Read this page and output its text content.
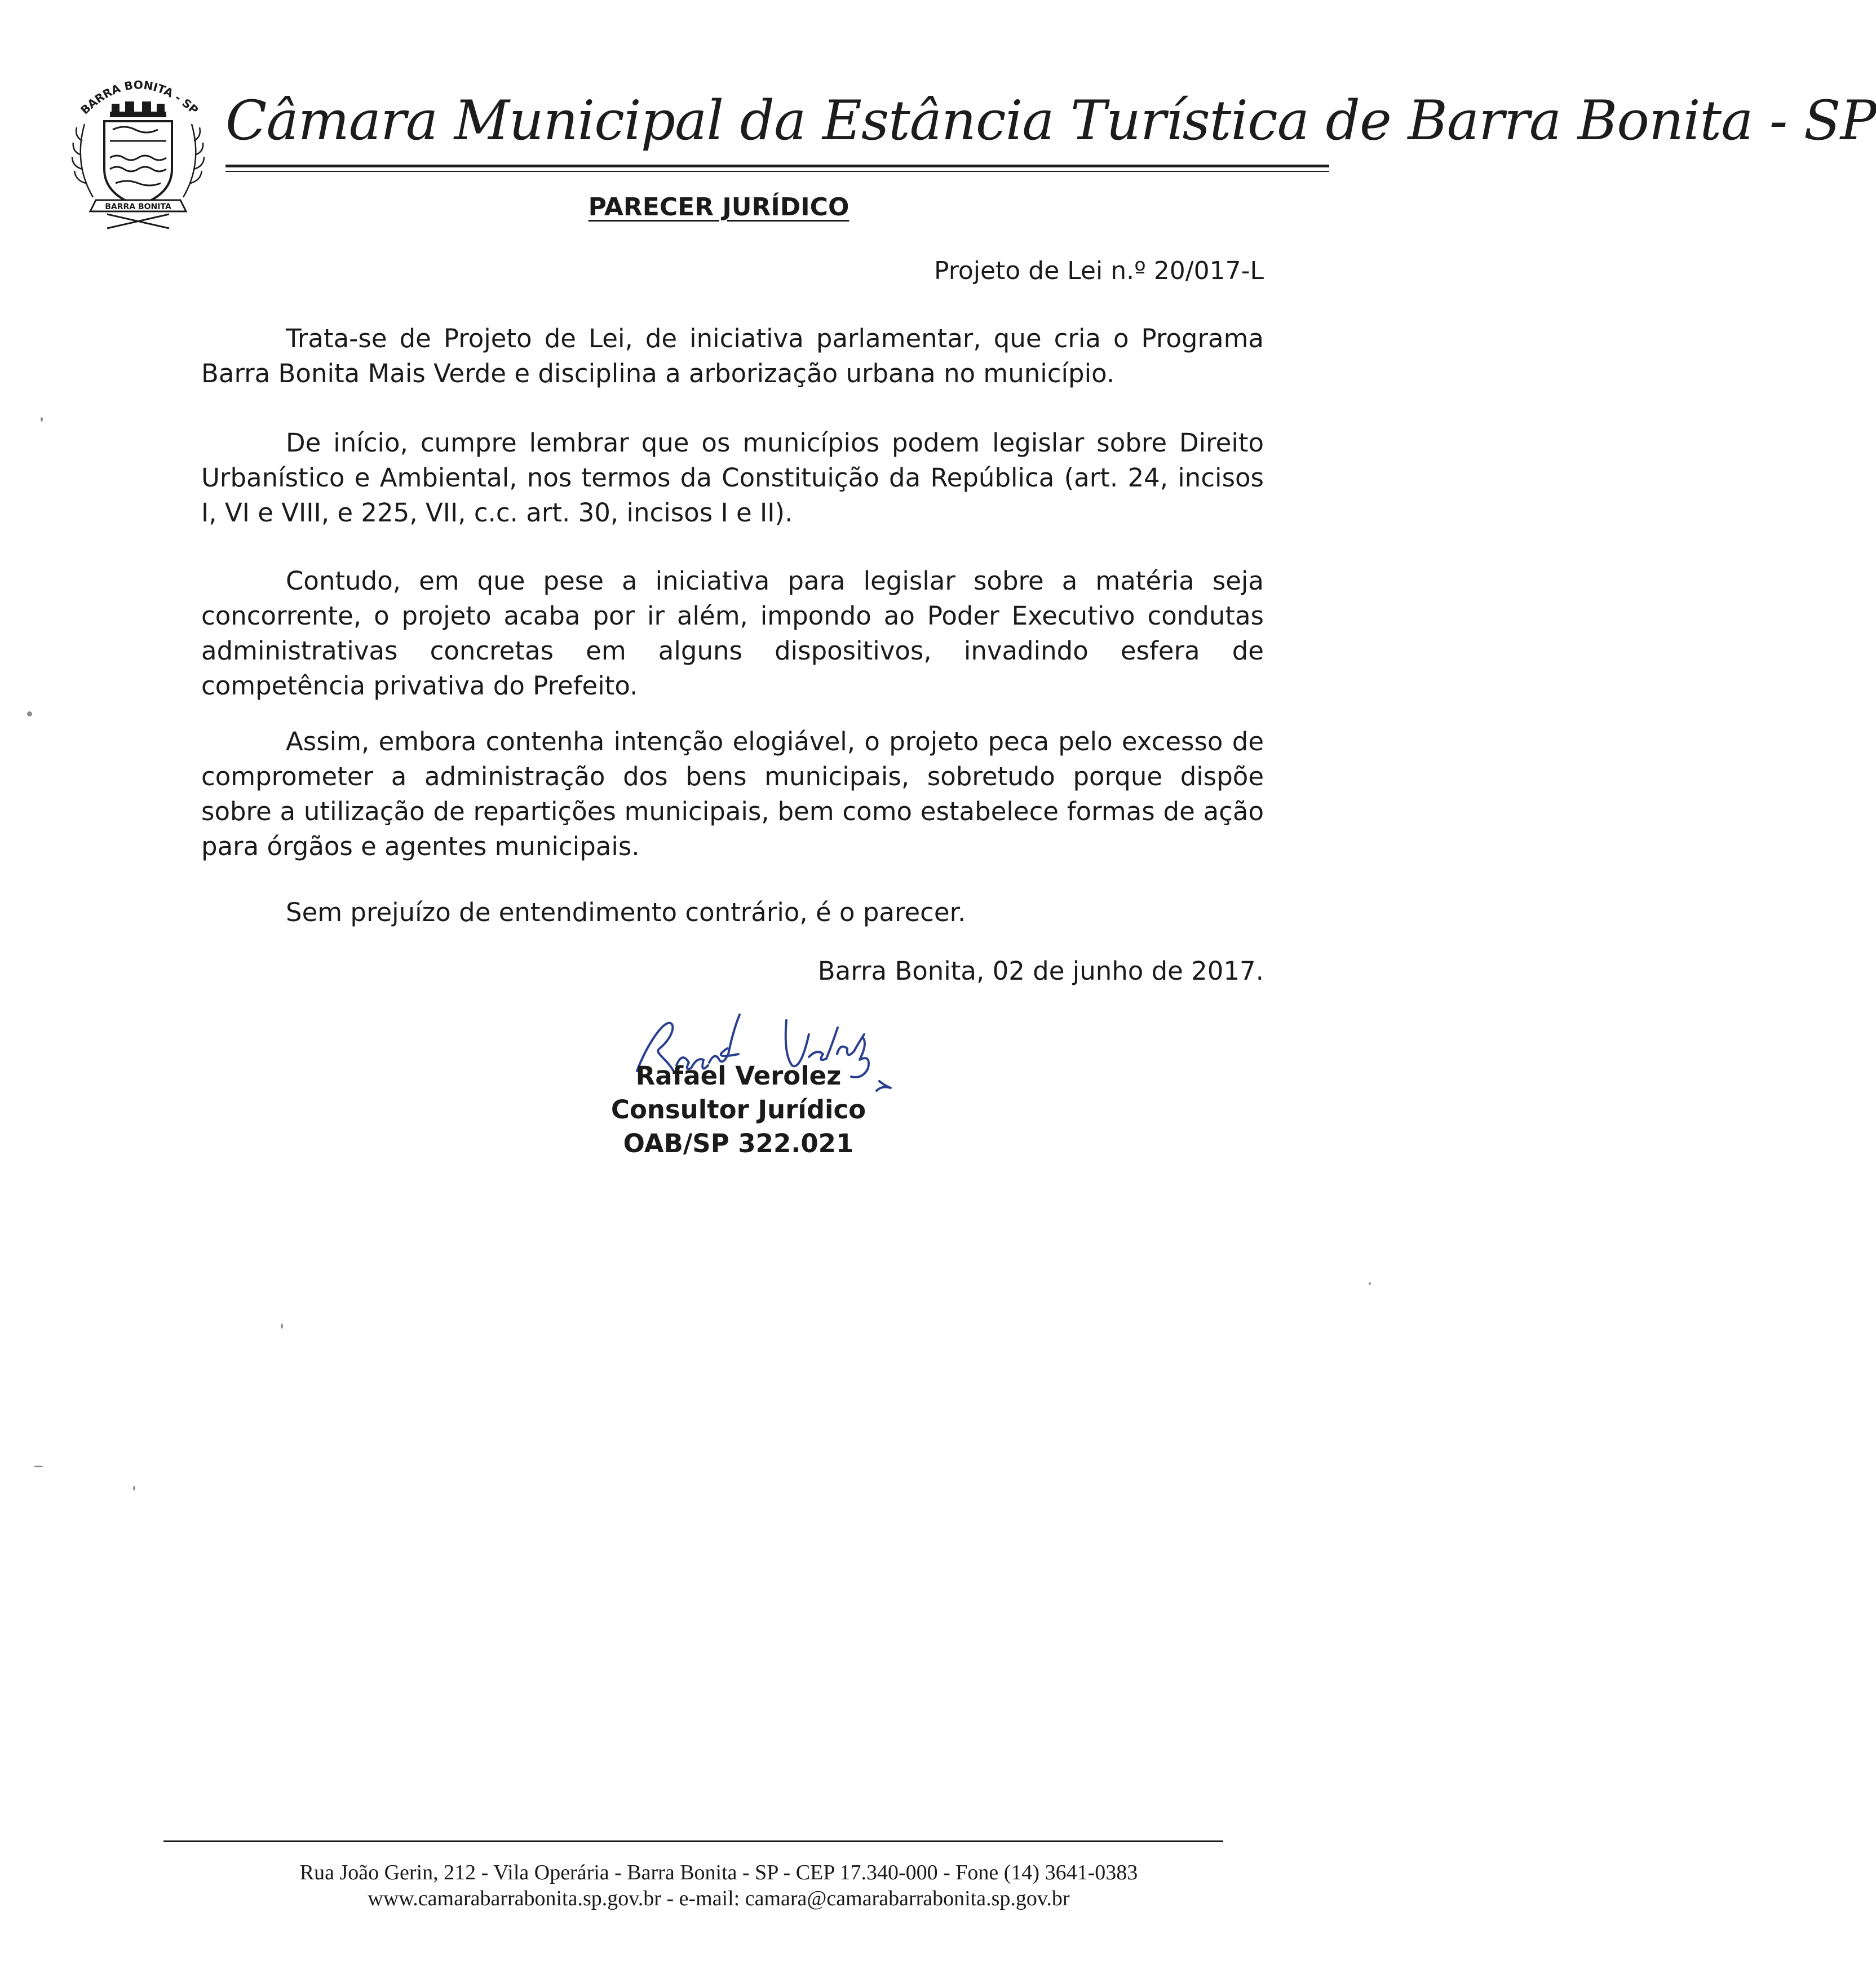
BARRA BONITA - SP
BARRA BONITA
Câmara Municipal da Estância Turística de Barra Bonita - SP
PARECER JURÍDICO
Projeto de Lei n.º 20/017-L

Trata-se de Projeto de Lei, de iniciativa parlamentar, que cria o Programa Barra Bonita Mais Verde e disciplina a arborização urbana no município.

De início, cumpre lembrar que os municípios podem legislar sobre Direito Urbanístico e Ambiental, nos termos da Constituição da República (art. 24, incisos I, VI e VIII, e 225, VII, c.c. art. 30, incisos I e II).

Contudo, em que pese a iniciativa para legislar sobre a matéria seja concorrente, o projeto acaba por ir além, impondo ao Poder Executivo condutas administrativas concretas em alguns dispositivos, invadindo esfera de competência privativa do Prefeito.

Assim, embora contenha intenção elogiável, o projeto peca pelo excesso de comprometer a administração dos bens municipais, sobretudo porque dispõe sobre a utilização de repartições municipais, bem como estabelece formas de ação para órgãos e agentes municipais.

Sem prejuízo de entendimento contrário, é o parecer.

Barra Bonita, 02 de junho de 2017.
Rafael Verolez
Consultor Jurídico
OAB/SP 322.021
Rua João Gerin, 212 - Vila Operária - Barra Bonita - SP - CEP 17.340-000 - Fone (14) 3641-0383
www.camarabarrabonita.sp.gov.br - e-mail: camara@camarabarrabonita.sp.gov.br
